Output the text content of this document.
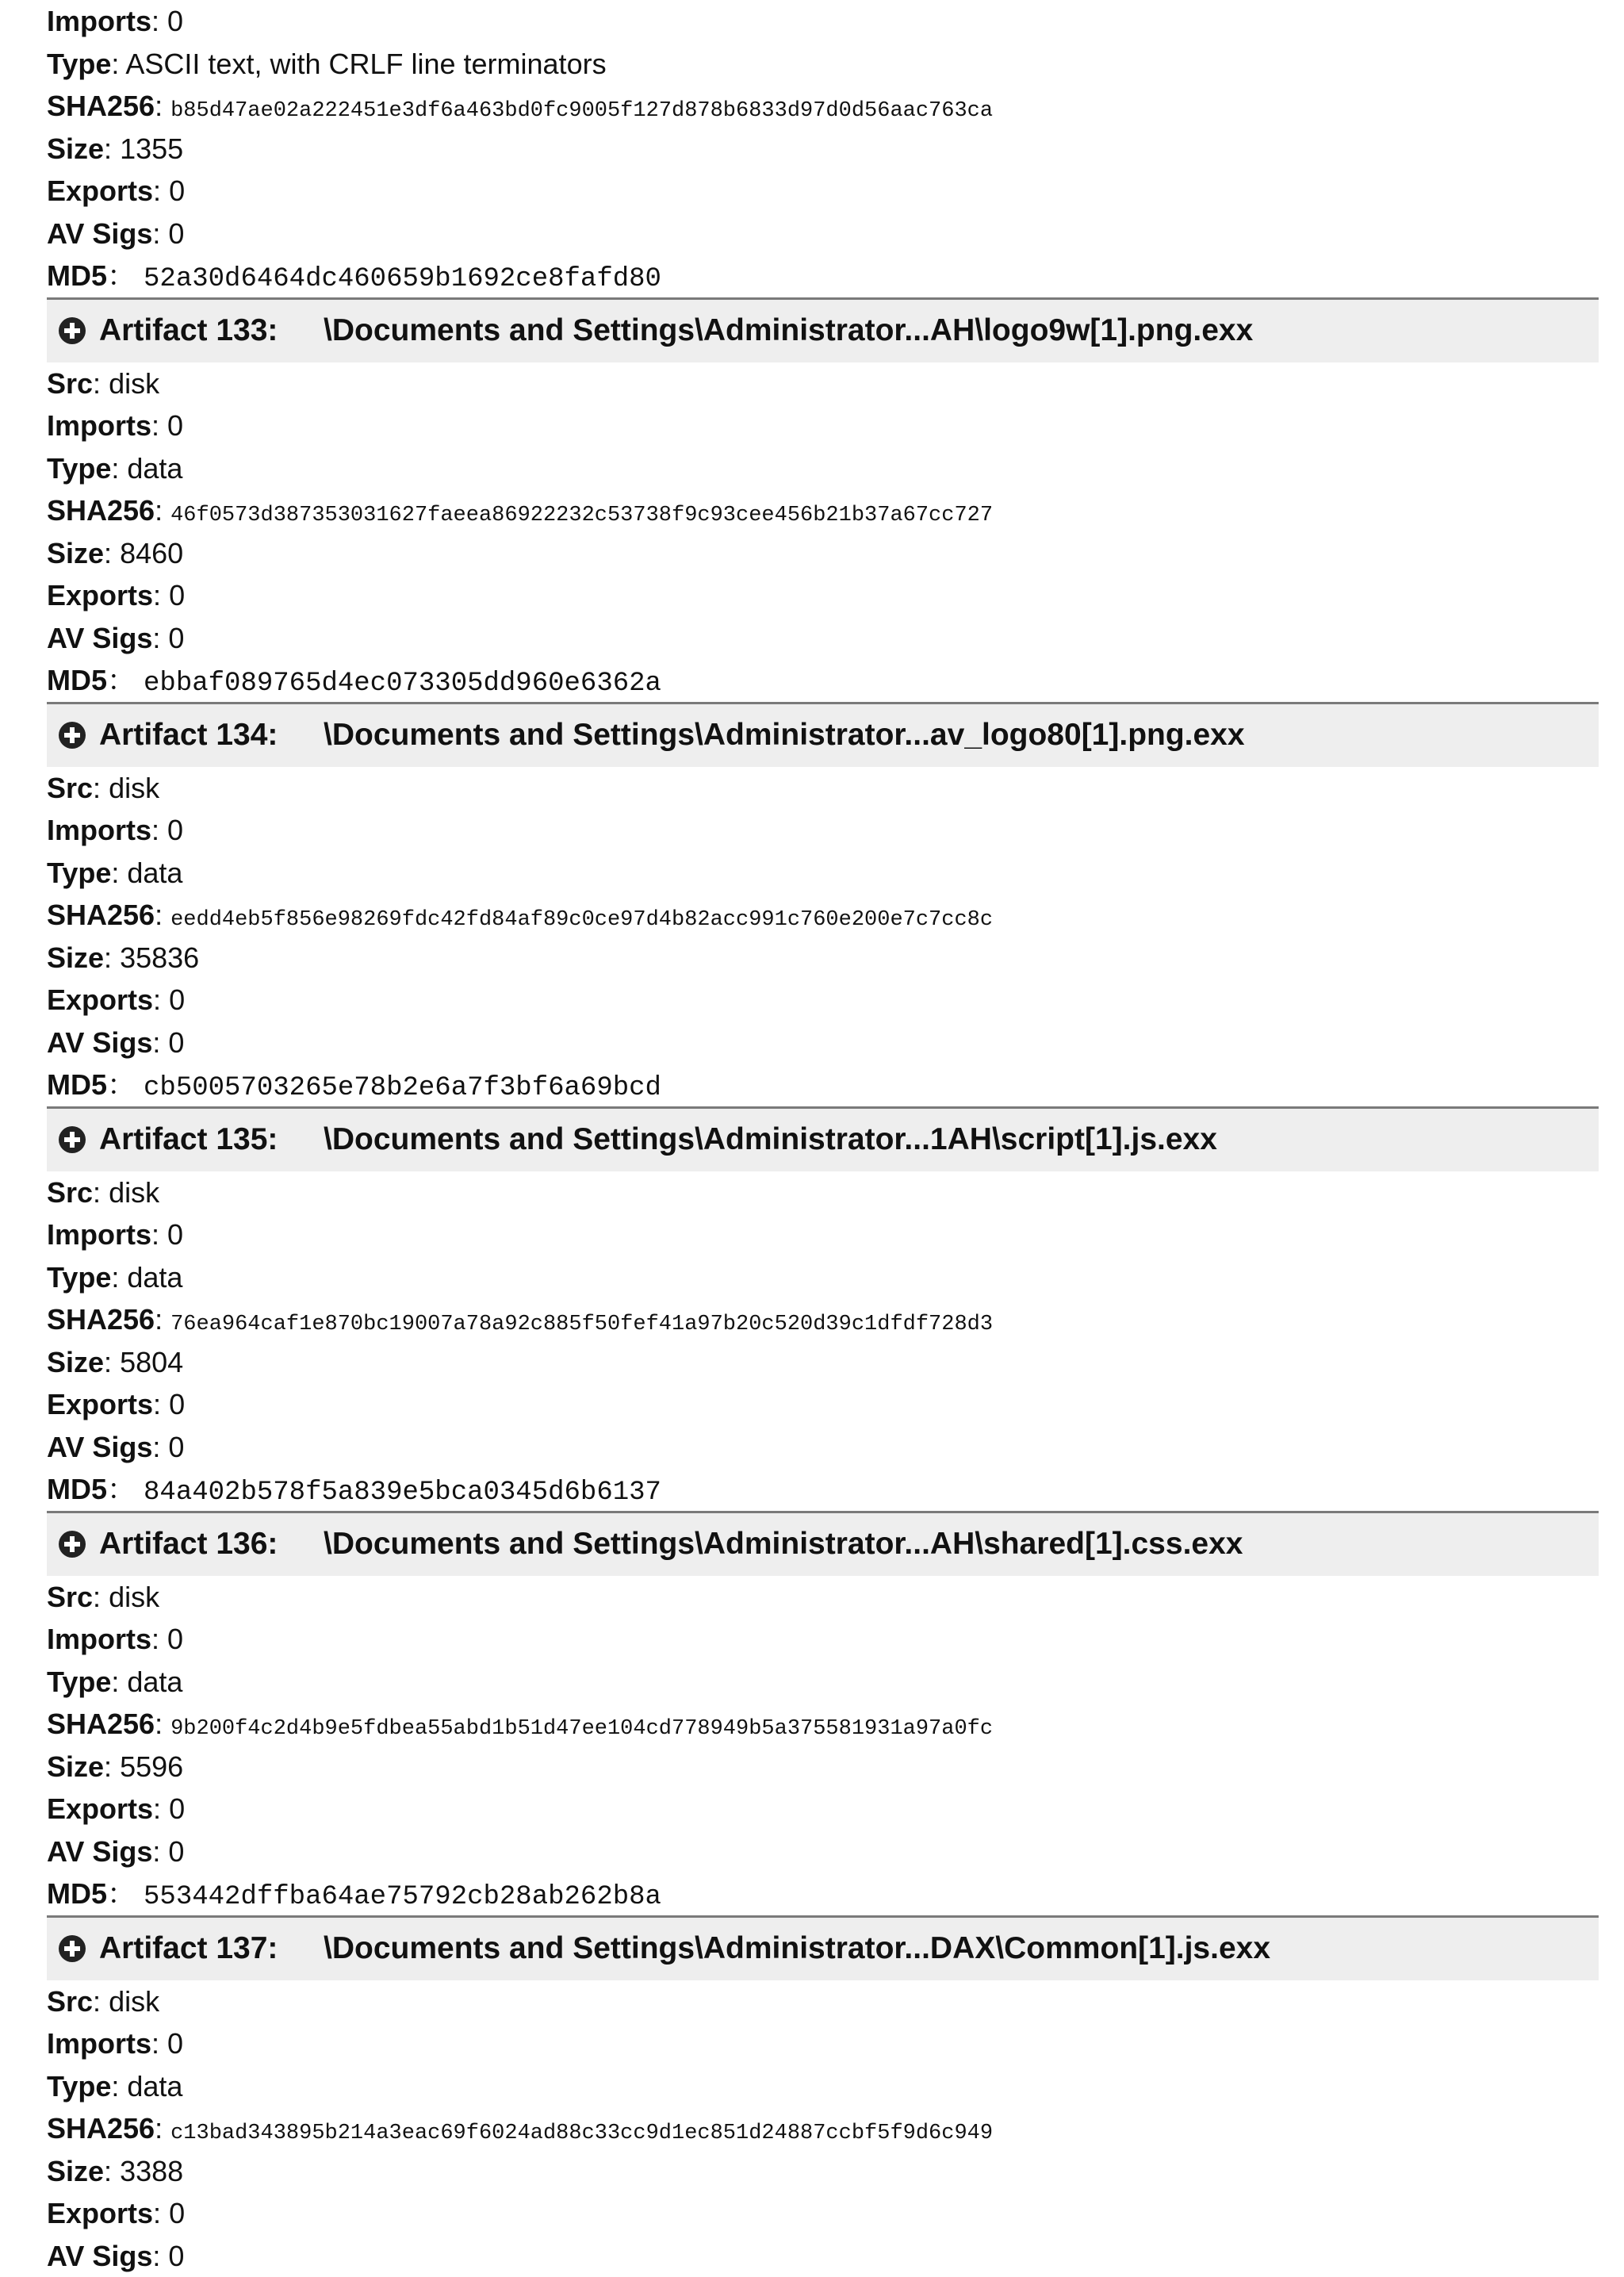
Imports: 0
Type: ASCII text, with CRLF line terminators
SHA256: b85d47ae02a222451e3df6a463bd0fc9005f127d878b6833d97d0d56aac763ca
Size: 1355
Exports: 0
AV Sigs: 0
MD5： 52a30d6464dc460659b1692ce8fafd80
Artifact 133:	\Documents and Settings\Administrator...AH\logo9w[1].png.exx
Src: disk
Imports: 0
Type: data
SHA256: 46f0573d387353031627faeea86922232c53738f9c93cee456b21b37a67cc727
Size: 8460
Exports: 0
AV Sigs: 0
MD5： ebbaf089765d4ec073305dd960e6362a
Artifact 134:	\Documents and Settings\Administrator...av_logo80[1].png.exx
Src: disk
Imports: 0
Type: data
SHA256: eedd4eb5f856e98269fdc42fd84af89c0ce97d4b82acc991c760e200e7c7cc8c
Size: 35836
Exports: 0
AV Sigs: 0
MD5： cb5005703265e78b2e6a7f3bf6a69bcd
Artifact 135:	\Documents and Settings\Administrator...1AH\script[1].js.exx
Src: disk
Imports: 0
Type: data
SHA256: 76ea964caf1e870bc19007a78a92c885f50fef41a97b20c520d39c1dfdf728d3
Size: 5804
Exports: 0
AV Sigs: 0
MD5： 84a402b578f5a839e5bca0345d6b6137
Artifact 136:	\Documents and Settings\Administrator...AH\shared[1].css.exx
Src: disk
Imports: 0
Type: data
SHA256: 9b200f4c2d4b9e5fdbea55abd1b51d47ee104cd778949b5a375581931a97a0fc
Size: 5596
Exports: 0
AV Sigs: 0
MD5： 553442dffba64ae75792cb28ab262b8a
Artifact 137:	\Documents and Settings\Administrator...DAX\Common[1].js.exx
Src: disk
Imports: 0
Type: data
SHA256: c13bad343895b214a3eac69f6024ad88c33cc9d1ec851d24887ccbf5f9d6c949
Size: 3388
Exports: 0
AV Sigs: 0
